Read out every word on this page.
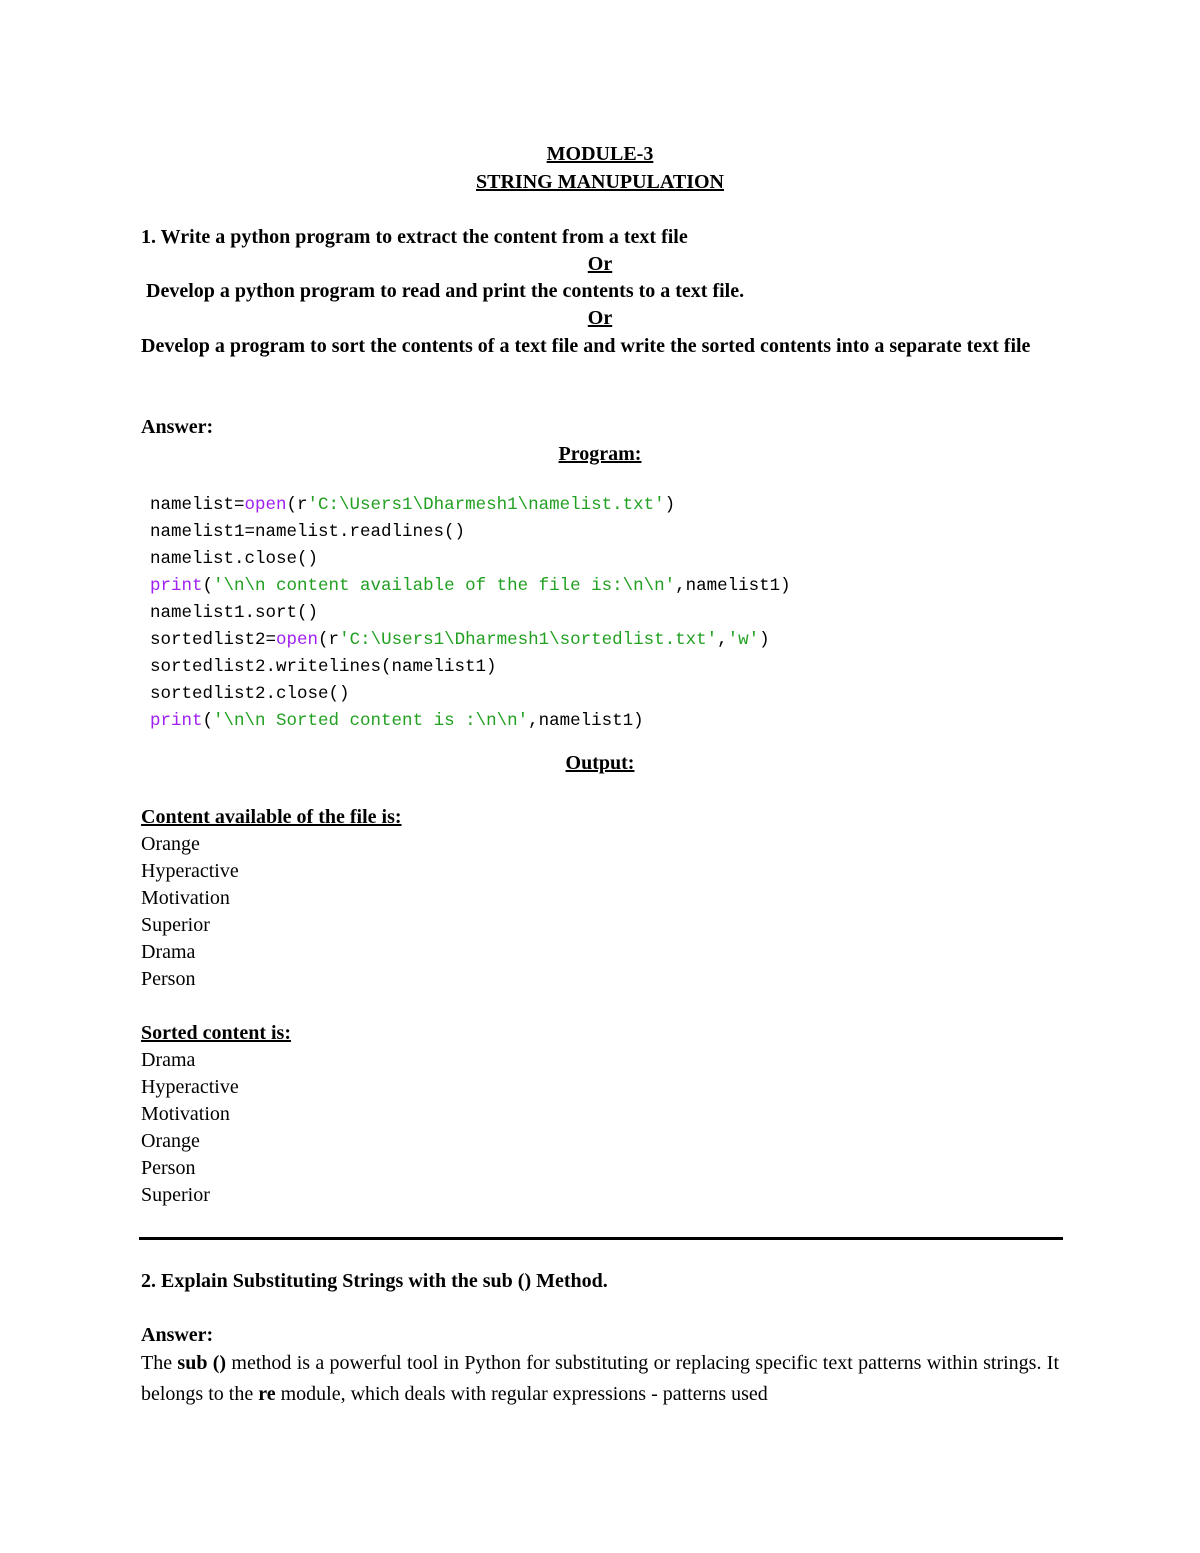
MODULE-3
STRING MANUPULATION
1. Write a python program to extract the content from a text file
Or
Develop a python program to read and print the contents to a text file.
Or
Develop a program to sort the contents of a text file and write the sorted contents into a separate text file
Answer:
Program:
namelist=open(r'C:\Users1\Dharmesh1\namelist.txt')
namelist1=namelist.readlines()
namelist.close()
print('\n\n content available of the file is:\n\n',namelist1)
namelist1.sort()
sortedlist2=open(r'C:\Users1\Dharmesh1\sortedlist.txt','w')
sortedlist2.writelines(namelist1)
sortedlist2.close()
print('\n\n Sorted content is :\n\n',namelist1)
Output:
Content available of the file is:
Orange
Hyperactive
Motivation
Superior
Drama
Person
Sorted content is:
Drama
Hyperactive
Motivation
Orange
Person
Superior
2. Explain Substituting Strings with the sub () Method.
Answer:
The sub () method is a powerful tool in Python for substituting or replacing specific text patterns within strings. It belongs to the re module, which deals with regular expressions - patterns used
